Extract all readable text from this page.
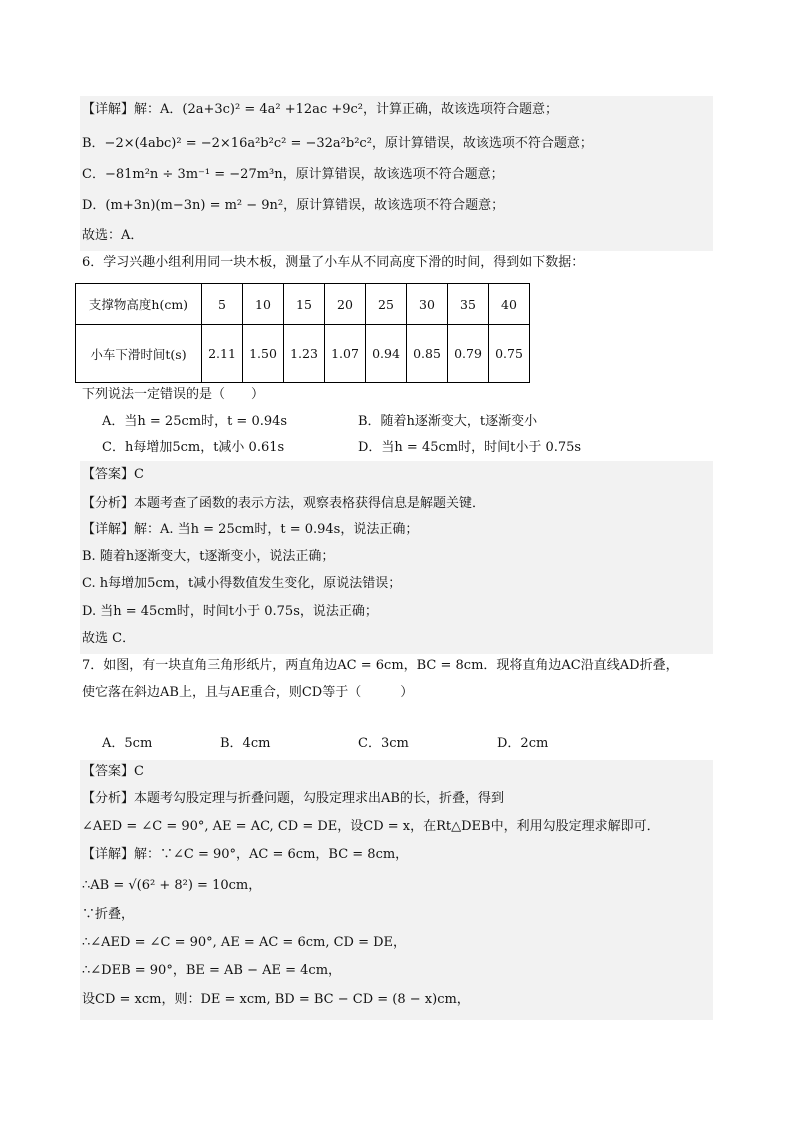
【详解】解：A．(2a+3c)² = 4a² +12ac +9c²，计算正确，故该选项符合题意；
B．−2×(4abc)² = −2×16a²b²c² = −32a²b²c²，原计算错误，故该选项不符合题意；
C．−81m²n ÷ 3m⁻¹ = −27m³n，原计算错误，故该选项不符合题意；
D．(m+3n)(m−3n) = m² − 9n²，原计算错误，故该选项不符合题意；
故选：A．
6．学习兴趣小组利用同一块木板，测量了小车从不同高度下滑的时间，得到如下数据：
支撑物高度h(cm)	5	10	15	20	25	30	35	40
小车下滑时间t(s)	2.11	1.50	1.23	1.07	0.94	0.85	0.79	0.75
下列说法一定错误的是（　　）
A．当h = 25cm时，t = 0.94s	B．随着h逐渐变大，t逐渐变小
C．h每增加5cm，t减小 0.61s	D．当h = 45cm时，时间t小于 0.75s
【答案】C
【分析】本题考查了函数的表示方法，观察表格获得信息是解题关键．
【详解】解：A. 当h = 25cm时，t = 0.94s，说法正确；
B. 随着h逐渐变大，t逐渐变小，说法正确；
C. h每增加5cm，t减小得数值发生变化，原说法错误；
D. 当h = 45cm时，时间t小于 0.75s，说法正确；
故选 C．
7．如图，有一块直角三角形纸片，两直角边AC = 6cm，BC = 8cm．现将直角边AC沿直线AD折叠，
使它落在斜边AB上，且与AE重合，则CD等于（　　　）
A．5cm	B．4cm	C．3cm	D．2cm
【答案】C
【分析】本题考勾股定理与折叠问题，勾股定理求出AB的长，折叠，得到
∠AED = ∠C = 90°, AE = AC, CD = DE，设CD = x，在Rt△DEB中，利用勾股定理求解即可．
【详解】解：∵∠C = 90°，AC = 6cm，BC = 8cm，
∴AB = √(6² + 8²) = 10cm，
∵折叠，
∴∠AED = ∠C = 90°, AE = AC = 6cm, CD = DE，
∴∠DEB = 90°，BE = AB − AE = 4cm，
设CD = xcm，则：DE = xcm, BD = BC − CD = (8 − x)cm，
